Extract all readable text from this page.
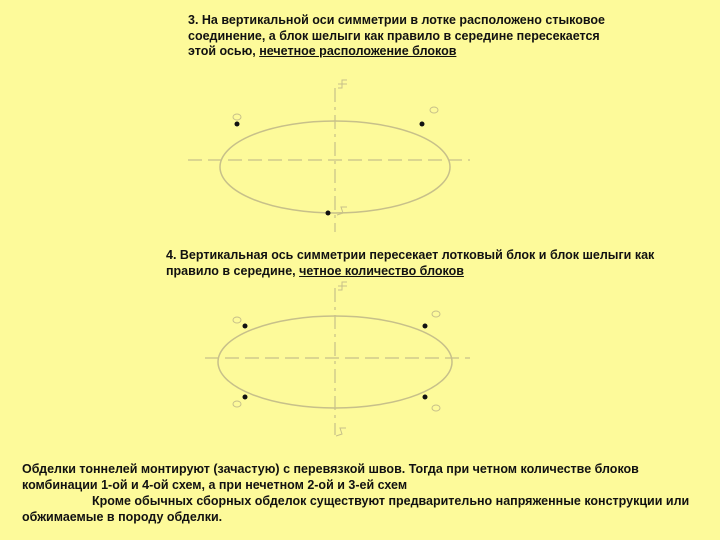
3. На вертикальной оси симметрии в лотке расположено стыковое соединение, а блок шелыги как правило в середине пересекается этой осью, нечетное расположение блоков
4. Вертикальная ось симметрии пересекает лотковый блок и блок шелыги как правило в середине, четное количество блоков
Обделки тоннелей монтируют (зачастую) с перевязкой швов. Тогда при четном количестве блоков комбинации 1-ой и 4-ой схем, а при нечетном 2-ой и 3-ей схем
Кроме обычных сборных обделок существуют предварительно напряженные конструкции или обжимаемые в породу обделки.
